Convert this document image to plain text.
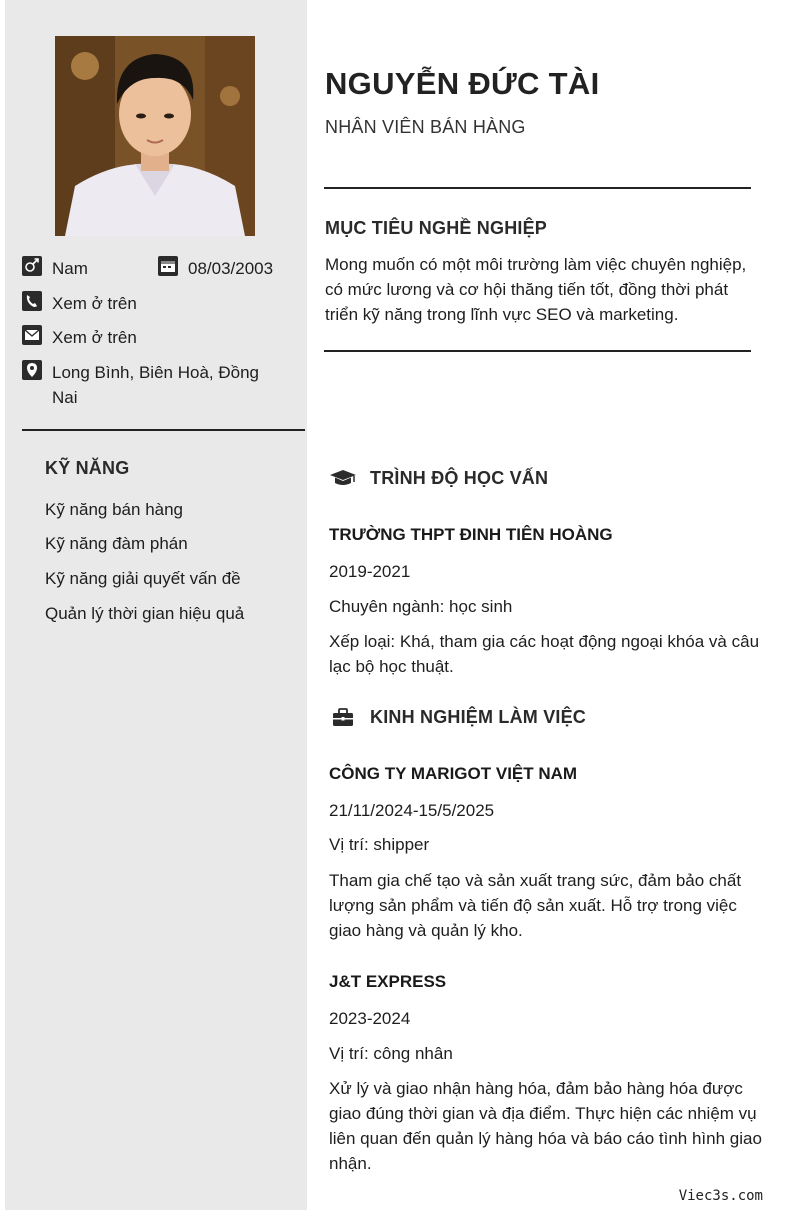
Nam	08/03/2003
Xem ở trên
Xem ở trên
Long Bình, Biên Hoà, Đồng Nai
KỸ NĂNG
Kỹ năng bán hàng
Kỹ năng đàm phán
Kỹ năng giải quyết vấn đề
Quản lý thời gian hiệu quả
NGUYỄN ĐỨC TÀI
NHÂN VIÊN BÁN HÀNG
MỤC TIÊU NGHỀ NGHIỆP
Mong muốn có một môi trường làm việc chuyên nghiệp, có mức lương và cơ hội thăng tiến tốt, đồng thời phát triển kỹ năng trong lĩnh vực SEO và marketing.
TRÌNH ĐỘ HỌC VẤN
TRƯỜNG THPT ĐINH TIÊN HOÀNG
2019-2021
Chuyên ngành: học sinh
Xếp loại: Khá, tham gia các hoạt động ngoại khóa và câu lạc bộ học thuật.
KINH NGHIỆM LÀM VIỆC
CÔNG TY MARIGOT VIỆT NAM
21/11/2024-15/5/2025
Vị trí: shipper
Tham gia chế tạo và sản xuất trang sức, đảm bảo chất lượng sản phẩm và tiến độ sản xuất. Hỗ trợ trong việc giao hàng và quản lý kho.
J&T EXPRESS
2023-2024
Vị trí: công nhân
Xử lý và giao nhận hàng hóa, đảm bảo hàng hóa được giao đúng thời gian và địa điểm. Thực hiện các nhiệm vụ liên quan đến quản lý hàng hóa và báo cáo tình hình giao nhận.
Viec3s.com
